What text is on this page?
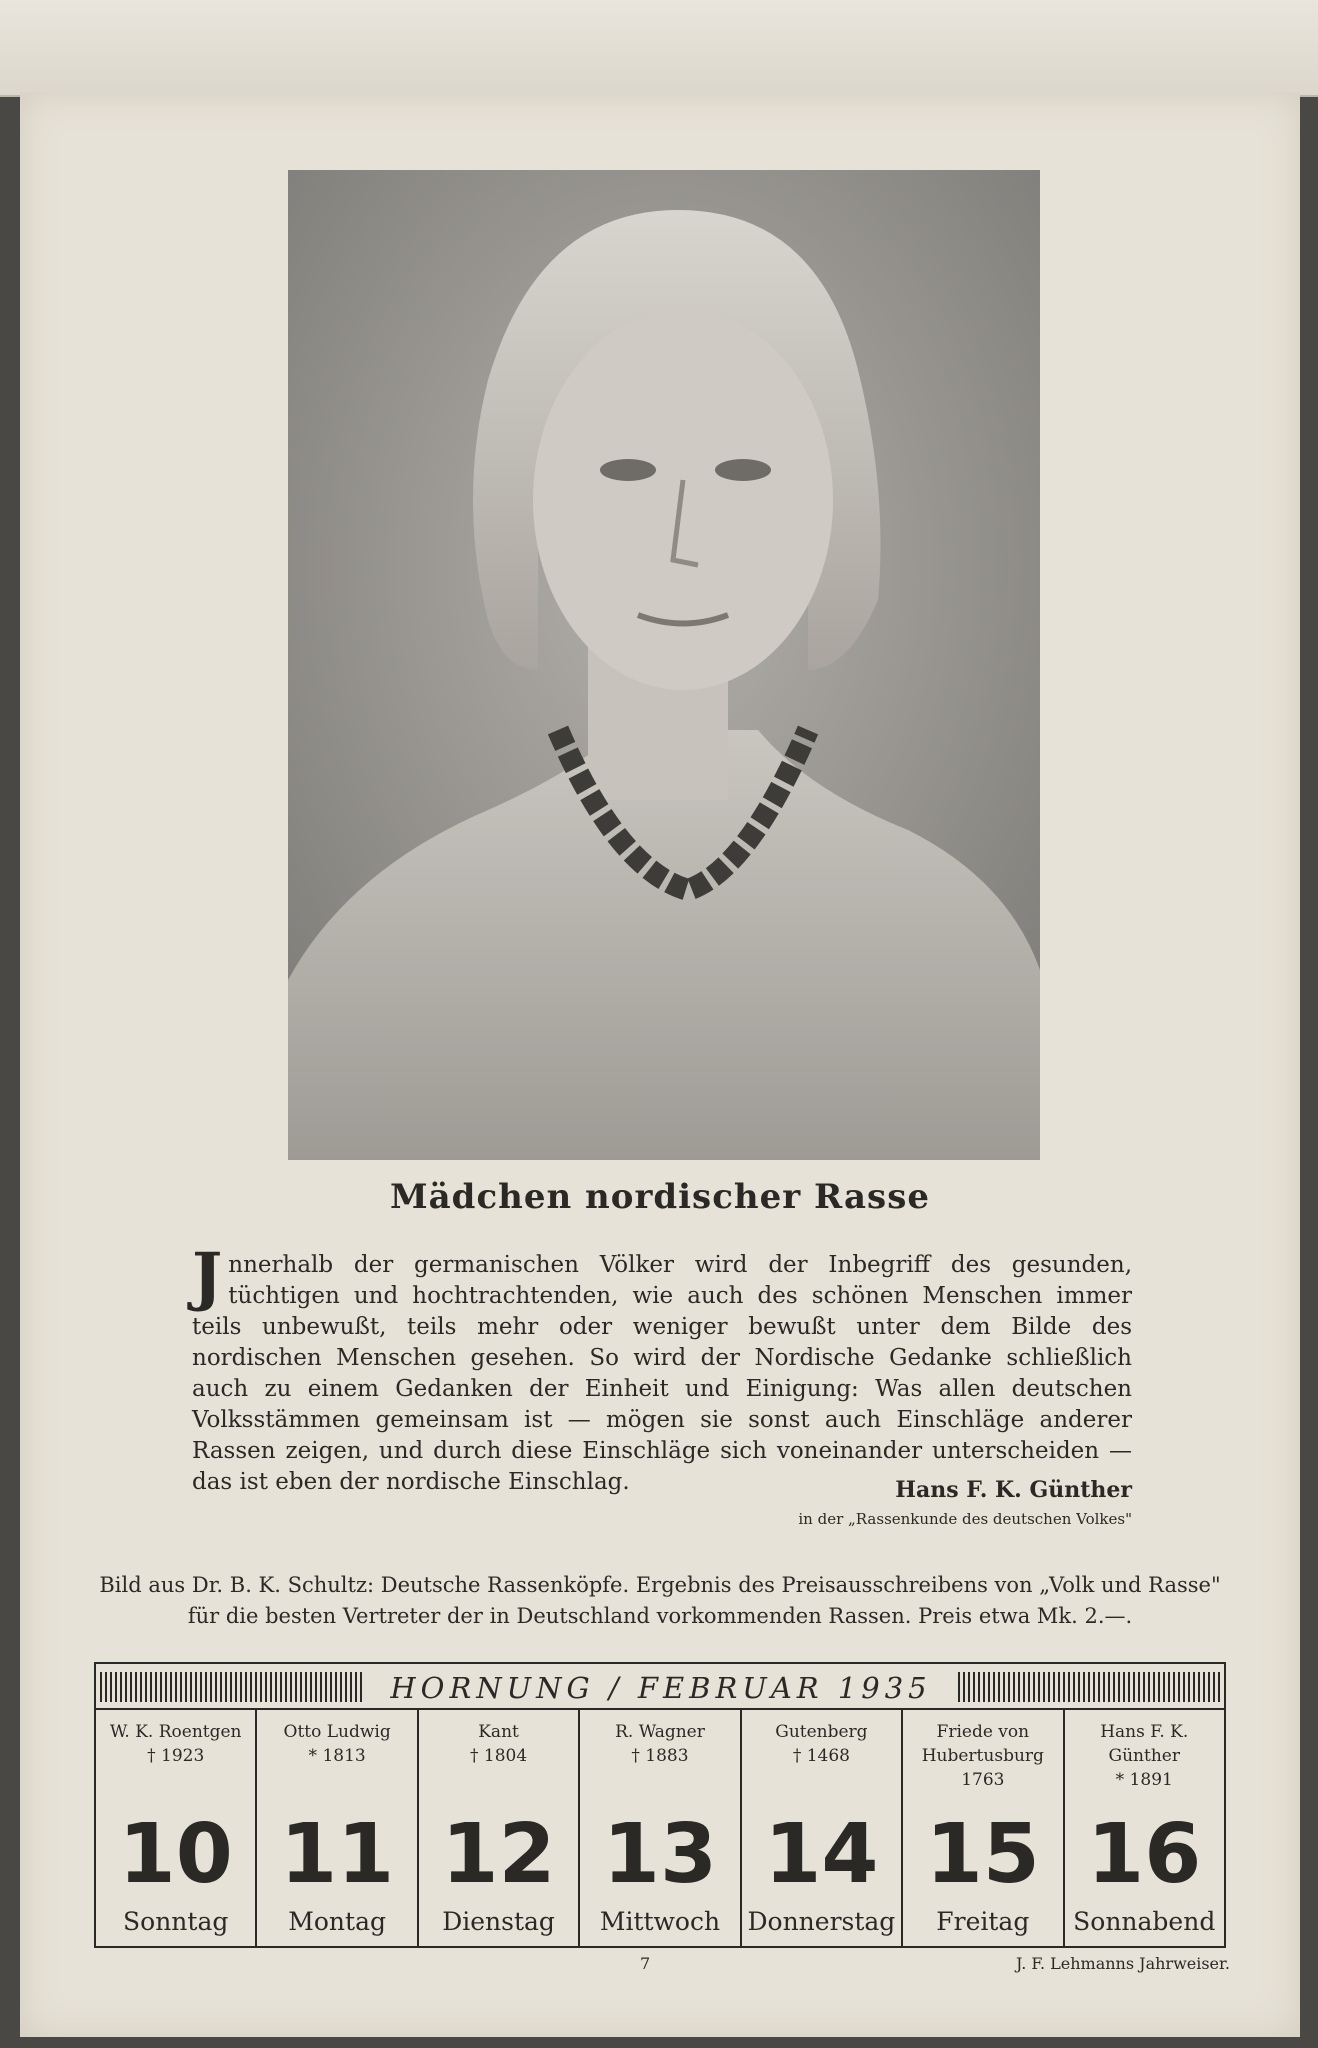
Mädchen nordischer Rasse
J nnerhalb der germanischen Völker wird der Inbegriff des gesunden, tüchtigen und hochtrachtenden, wie auch des schönen Menschen immer teils unbewußt, teils mehr oder weniger bewußt unter dem Bilde des nordischen Menschen gesehen. So wird der Nordische Gedanke schließlich auch zu einem Gedanken der Einheit und Einigung: Was allen deutschen Volksstämmen gemeinsam ist — mögen sie sonst auch Einschläge anderer Rassen zeigen, und durch diese Einschläge sich voneinander unterscheiden — das ist eben der nordische Einschlag.	Hans F. K. Günther
in der „Rassenkunde des deutschen Volkes"
Bild aus Dr. B. K. Schultz: Deutsche Rassenköpfe. Ergebnis des Preisausschreibens von „Volk und Rasse" für die besten Vertreter der in Deutschland vorkommenden Rassen. Preis etwa Mk. 2.—.
HORNUNG / FEBRUAR 1935
W. K. Roentgen
† 1923
10
Sonntag
Otto Ludwig
* 1813
11
Montag
Kant
† 1804
12
Dienstag
R. Wagner
† 1883
13
Mittwoch
Gutenberg
† 1468
14
Donnerstag
Friede von
Hubertusburg
1763
15
Freitag
Hans F. K.
Günther
* 1891
16
Sonnabend
7	J. F. Lehmanns Jahrweiser.
